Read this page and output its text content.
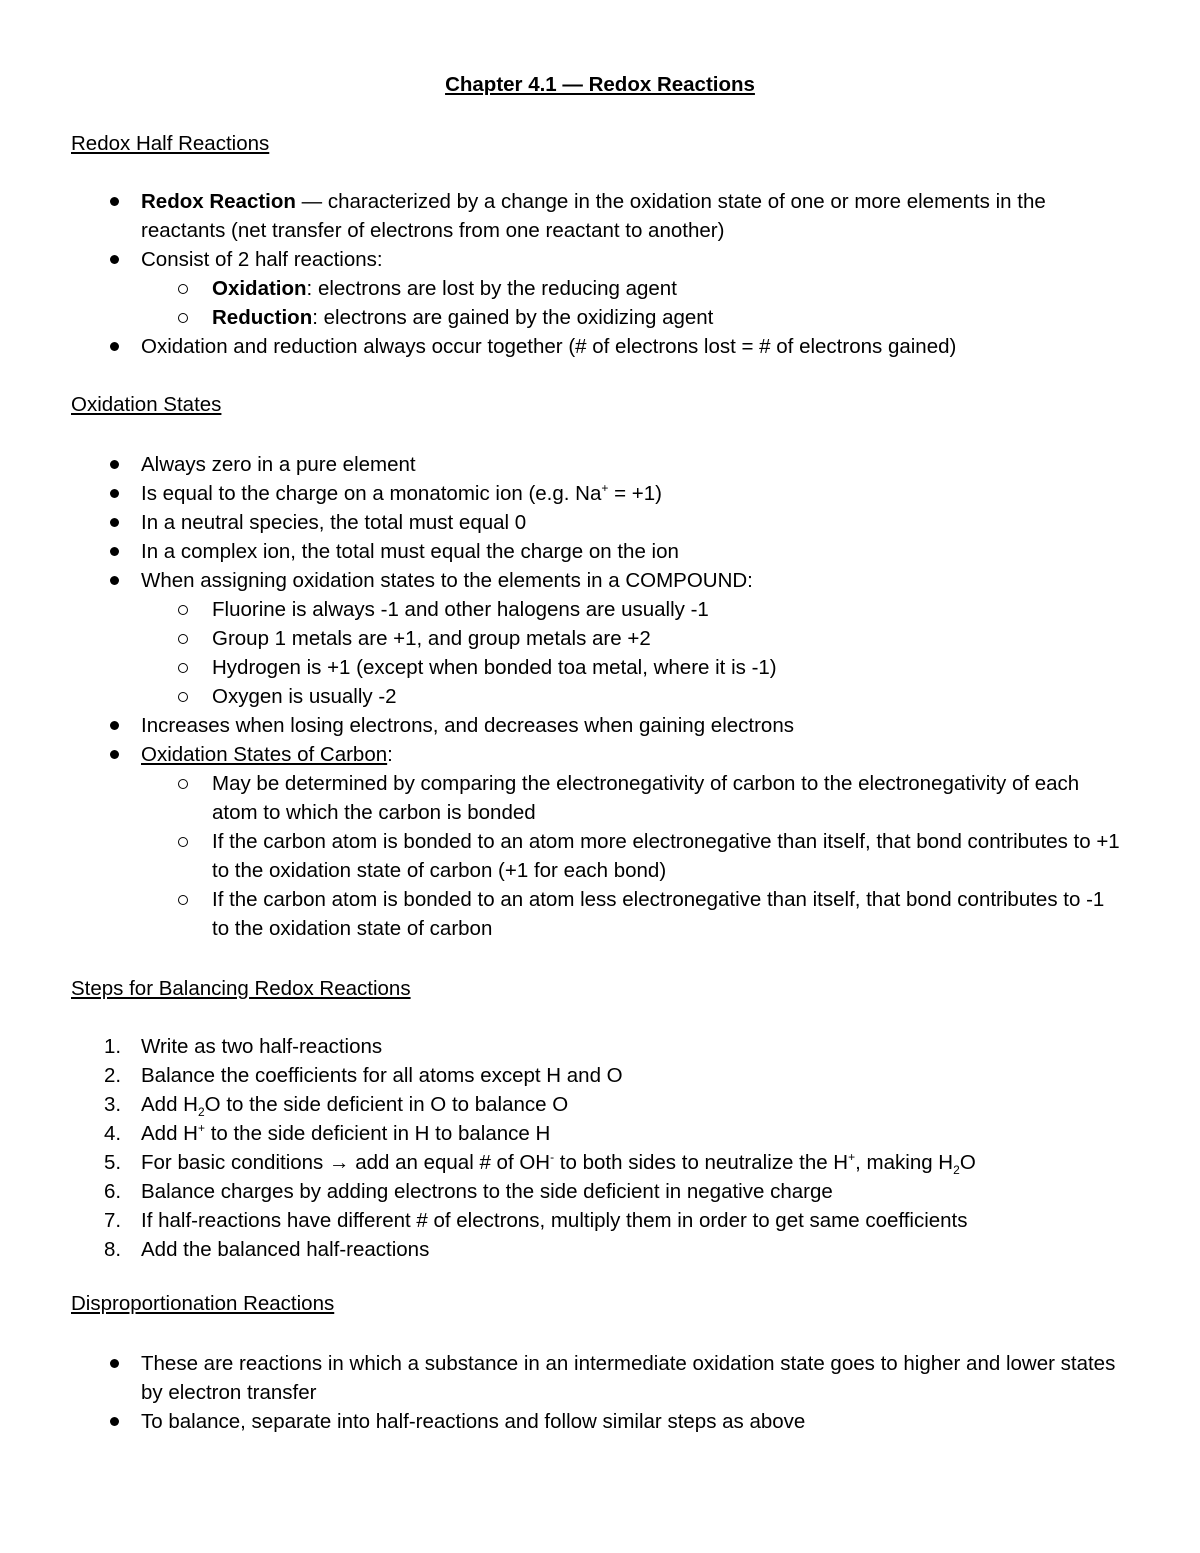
Chapter 4.1 — Redox Reactions
Redox Half Reactions
Redox Reaction — characterized by a change in the oxidation state of one or more elements in the reactants (net transfer of electrons from one reactant to another)
Consist of 2 half reactions:
Oxidation: electrons are lost by the reducing agent
Reduction: electrons are gained by the oxidizing agent
Oxidation and reduction always occur together (# of electrons lost = # of electrons gained)
Oxidation States
Always zero in a pure element
Is equal to the charge on a monatomic ion (e.g. Na+ = +1)
In a neutral species, the total must equal 0
In a complex ion, the total must equal the charge on the ion
When assigning oxidation states to the elements in a COMPOUND:
Fluorine is always -1 and other halogens are usually -1
Group 1 metals are +1, and group metals are +2
Hydrogen is +1 (except when bonded toa metal, where it is -1)
Oxygen is usually -2
Increases when losing electrons, and decreases when gaining electrons
Oxidation States of Carbon:
May be determined by comparing the electronegativity of carbon to the electronegativity of each atom to which the carbon is bonded
If the carbon atom is bonded to an atom more electronegative than itself, that bond contributes to +1 to the oxidation state of carbon (+1 for each bond)
If the carbon atom is bonded to an atom less electronegative than itself, that bond contributes to -1 to the oxidation state of carbon
Steps for Balancing Redox Reactions
1. Write as two half-reactions
2. Balance the coefficients for all atoms except H and O
3. Add $H_2O$ to the side deficient in O to balance O
4. Add H+ to the side deficient in H to balance H
5. For basic conditions → add an equal # of OH- to both sides to neutralize the H+, making $H_2O$
6. Balance charges by adding electrons to the side deficient in negative charge
7. If half-reactions have different # of electrons, multiply them in order to get same coefficients
8. Add the balanced half-reactions
Disproportionation Reactions
These are reactions in which a substance in an intermediate oxidation state goes to higher and lower states by electron transfer
To balance, separate into half-reactions and follow similar steps as above
